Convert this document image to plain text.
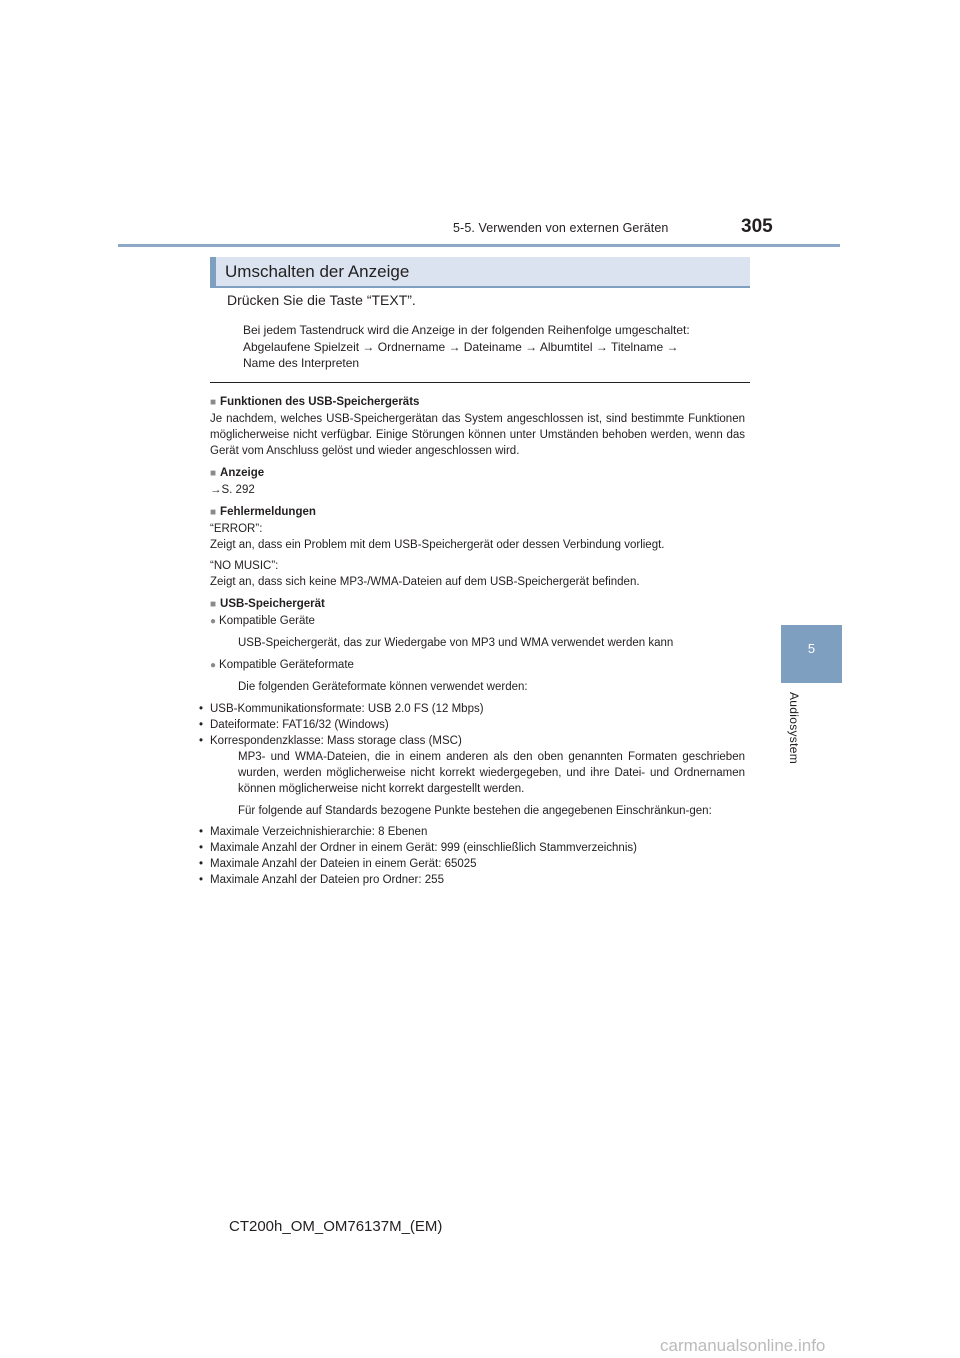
5-5. Verwenden von externen Geräten	305
5
Audiosystem
Umschalten der Anzeige
Drücken Sie die Taste “TEXT”.
Bei jedem Tastendruck wird die Anzeige in der folgenden Reihenfolge umgeschaltet:
Abgelaufene Spielzeit → Ordnername → Dateiname → Albumtitel → Titelname →
Name des Interpreten

■ Funktionen des USB-Speichergeräts

Je nachdem, welches USB-Speichergerätan das System angeschlossen ist, sind bestimmte Funktionen möglicherweise nicht verfügbar. Einige Störungen können unter Umständen behoben werden, wenn das Gerät vom Anschluss gelöst und wieder angeschlossen wird.

■ Anzeige

→S. 292

■ Fehlermeldungen

“ERROR”:

Zeigt an, dass ein Problem mit dem USB-Speichergerät oder dessen Verbindung vorliegt.

“NO MUSIC”:

Zeigt an, dass sich keine MP3-/WMA-Dateien auf dem USB-Speichergerät befinden.

■ USB-Speichergerät

● Kompatible Geräte

USB-Speichergerät, das zur Wiedergabe von MP3 und WMA verwendet werden kann

● Kompatible Geräteformate

Die folgenden Geräteformate können verwendet werden:

• USB-Kommunikationsformate: USB 2.0 FS (12 Mbps)

• Dateiformate: FAT16/32 (Windows)

• Korrespondenzklasse: Mass storage class (MSC)

MP3- und WMA-Dateien, die in einem anderen als den oben genannten Formaten geschrieben wurden, werden möglicherweise nicht korrekt wiedergegeben, und ihre Datei- und Ordnernamen können möglicherweise nicht korrekt dargestellt werden.

Für folgende auf Standards bezogene Punkte bestehen die angegebenen Einschränkun-gen:

• Maximale Verzeichnishierarchie: 8 Ebenen

• Maximale Anzahl der Ordner in einem Gerät: 999 (einschließlich Stammverzeichnis)

• Maximale Anzahl der Dateien in einem Gerät: 65025

• Maximale Anzahl der Dateien pro Ordner: 255

CT200h_OM_OM76137M_(EM)
carmanualsonline.info
